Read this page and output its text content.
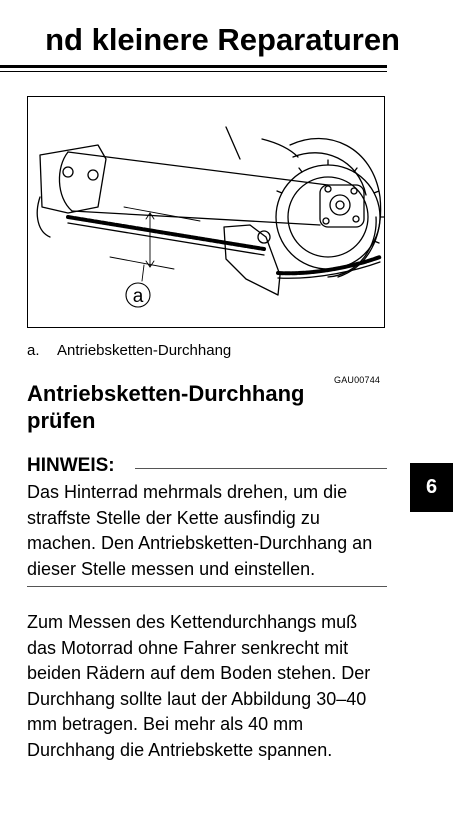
nd kleinere Reparaturen
a
a. Antriebsketten-Durchhang
GAU00744
Antriebsketten-Durchhang prüfen
HINWEIS:
Das Hinterrad mehrmals drehen, um die straffste Stelle der Kette ausfindig zu machen. Den Antriebsketten-Durchhang an dieser Stelle messen und einstellen.
Zum Messen des Kettendurchhangs muß das Motorrad ohne Fahrer senkrecht mit beiden Rädern auf dem Boden stehen. Der Durchhang sollte laut der Abbildung 30–40 mm betragen. Bei mehr als 40 mm Durchhang die Antriebskette spannen.
6
